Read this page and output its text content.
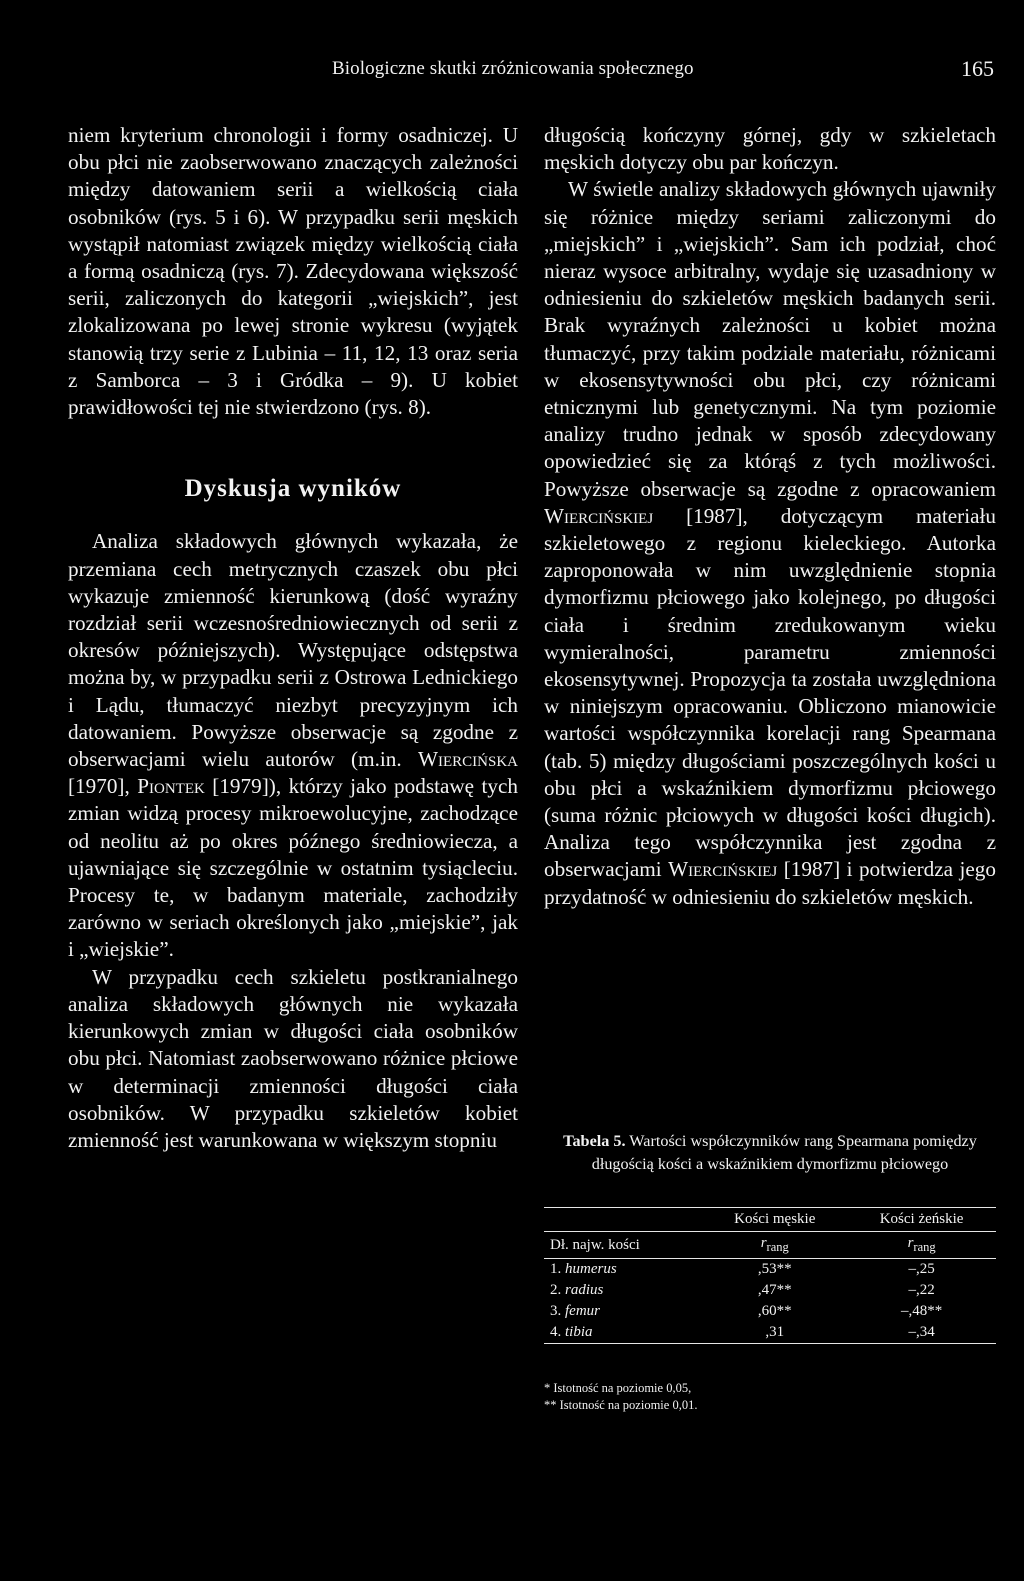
Biologiczne skutki zróżnicowania społecznego	165

niem kryterium chronologii i formy osadniczej. U obu płci nie zaobserwowano znaczących zależności między datowaniem serii a wielkością ciała osobników (rys. 5 i 6). W przypadku serii męskich wystąpił natomiast związek między wielkością ciała a formą osadniczą (rys. 7). Zdecydowana większość serii, zaliczonych do kategorii „wiejskich”, jest zlokalizowana po lewej stronie wykresu (wyjątek stanowią trzy serie z Lubinia – 11, 12, 13 oraz seria z Samborca – 3 i Gródka – 9). U kobiet prawidłowości tej nie stwierdzono (rys. 8).

Dyskusja wyników

Analiza składowych głównych wykazała, że przemiana cech metrycznych czaszek obu płci wykazuje zmienność kierunkową (dość wyraźny rozdział serii wczesnośredniowiecznych od serii z okresów późniejszych). Występujące odstępstwa można by, w przypadku serii z Ostrowa Lednickiego i Lądu, tłumaczyć niezbyt precyzyjnym ich datowaniem. Powyższe obserwacje są zgodne z obserwacjami wielu autorów (m.in. Wiercińska [1970], Piontek [1979]), którzy jako podstawę tych zmian widzą procesy mikroewolucyjne, zachodzące od neolitu aż po okres późnego średniowiecza, a ujawniające się szczególnie w ostatnim tysiącleciu. Procesy te, w badanym materiale, zachodziły zarówno w seriach określonych jako „miejskie”, jak i „wiejskie”.

W przypadku cech szkieletu postkranialnego analiza składowych głównych nie wykazała kierunkowych zmian w długości ciała osobników obu płci. Natomiast zaobserwowano różnice płciowe w determinacji zmienności długości ciała osobników. W przypadku szkieletów kobiet zmienność jest warunkowana w większym stopniu

długością kończyny górnej, gdy w szkieletach męskich dotyczy obu par kończyn.

W świetle analizy składowych głównych ujawniły się różnice między seriami zaliczonymi do „miejskich” i „wiejskich”. Sam ich podział, choć nieraz wysoce arbitralny, wydaje się uzasadniony w odniesieniu do szkieletów męskich badanych serii. Brak wyraźnych zależności u kobiet można tłumaczyć, przy takim podziale materiału, różnicami w ekosensytywności obu płci, czy różnicami etnicznymi lub genetycznymi. Na tym poziomie analizy trudno jednak w sposób zdecydowany opowiedzieć się za którąś z tych możliwości. Powyższe obserwacje są zgodne z opracowaniem Wiercińskiej [1987], dotyczącym materiału szkieletowego z regionu kieleckiego. Autorka zaproponowała w nim uwzględnienie stopnia dymorfizmu płciowego jako kolejnego, po długości ciała i średnim zredukowanym wieku wymieralności, parametru zmienności ekosensytywnej. Propozycja ta została uwzględniona w niniejszym opracowaniu. Obliczono mianowicie wartości współczynnika korelacji rang Spearmana (tab. 5) między długościami poszczególnych kości u obu płci a wskaźnikiem dymorfizmu płciowego (suma różnic płciowych w długości kości długich). Analiza tego współczynnika jest zgodna z obserwacjami Wiercińskiej [1987] i potwierdza jego przydatność w odniesieniu do szkieletów męskich.

Tabela 5. Wartości współczynników rang Spearmana pomiędzy długością kości a wskaźnikiem dymorfizmu płciowego
	Kości męskie	Kości żeńskie
Dł. najw. kości	$r_{rang}$	$r_{rang}$
1. humerus	,53**	–,25
2. radius	,47**	–,22
3. femur	,60**	–,48**
4. tibia	,31	–,34
* Istotność na poziomie 0,05,
** Istotność na poziomie 0,01.
